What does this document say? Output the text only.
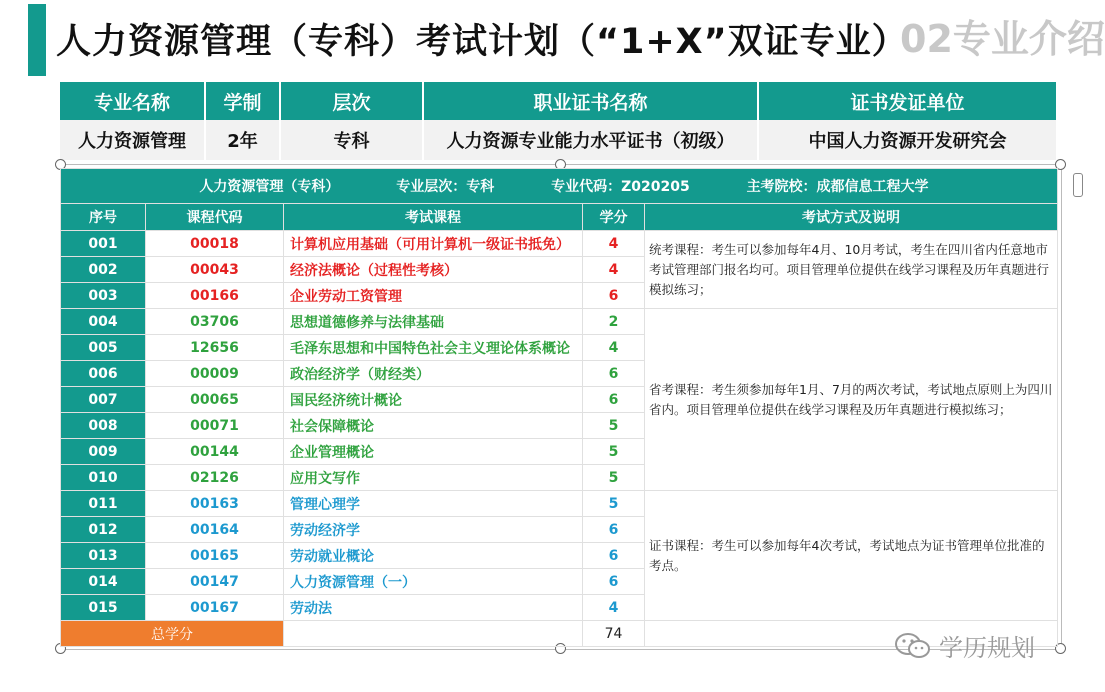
人力资源管理（专科）考试计划（“1+X”双证专业）
02专业介绍
专业名称	学制	层次	职业证书名称	证书发证单位
人力资源管理	2年	专科	人力资源专业能力水平证书（初级）	中国人力资源开发研究会
人力资源管理（专科） 专业层次：专科 专业代码：Z020205 主考院校：成都信息工程大学				

序号	课程代码	考试课程	学分	考试方式及说明
001	00018	计算机应用基础（可用计算机一级证书抵免）	4	统考课程：考生可以参加每年4月、10月考试，考生在四川省内任意地市考试管理部门报名均可。项目管理单位提供在线学习课程及历年真题进行模拟练习；
002	00043	经济法概论（过程性考核）	4	
003	00166	企业劳动工资管理	6	
004	03706	思想道德修养与法律基础	2	省考课程：考生须参加每年1月、7月的两次考试，考试地点原则上为四川省内。项目管理单位提供在线学习课程及历年真题进行模拟练习；
005	12656	毛泽东思想和中国特色社会主义理论体系概论	4	
006	00009	政治经济学（财经类）	6	
007	00065	国民经济统计概论	6	
008	00071	社会保障概论	5	
009	00144	企业管理概论	5	
010	02126	应用文写作	5	
011	00163	管理心理学	5	证书课程：考生可以参加每年4次考试，考试地点为证书管理单位批准的考点。
012	00164	劳动经济学	6	
013	00165	劳动就业概论	6	
014	00147	人力资源管理（一）	6	
015	00167	劳动法	4	
总学分			74	
学历规划
